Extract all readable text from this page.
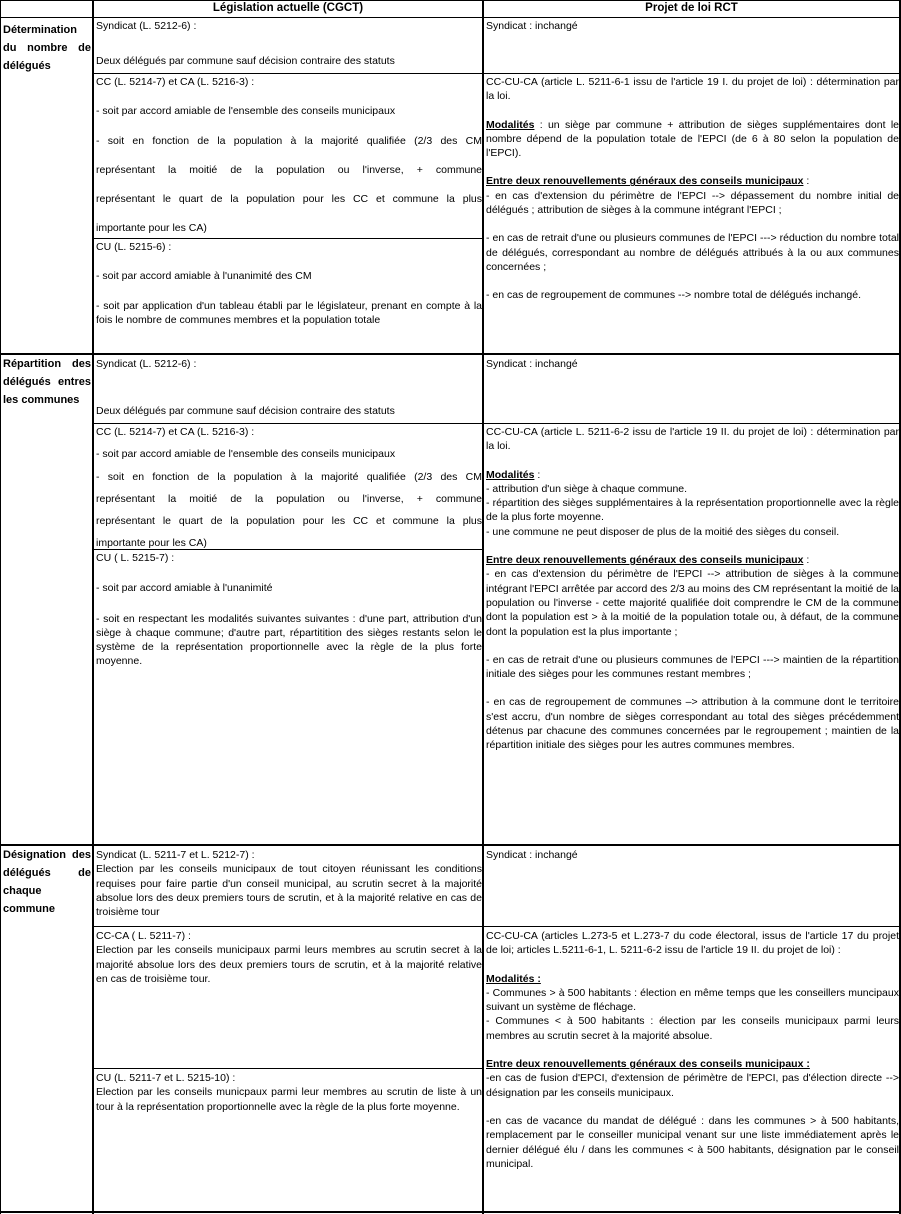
Législation actuelle (CGCT)	Projet de loi RCT
Détermination du nombre de délégués

Syndicat (L. 5212-6) :

Deux délégués par commune sauf décision contraire des statuts

CC (L. 5214-7) et CA (L. 5216-3) :

- soit par accord amiable de l'ensemble des conseils municipaux

- soit en fonction de la population à la majorité qualifiée (2/3 des CM

représentant la moitié de la population ou l'inverse, + commune

représentant le quart de la population pour les CC et commune la plus

importante pour les CA)

CU (L. 5215-6) :

- soit par accord amiable à l'unanimité des CM

- soit par application d'un tableau établi par le législateur, prenant en compte à la fois le nombre de communes membres et la population totale

Syndicat : inchangé

CC-CU-CA (article L. 5211-6-1 issu de l'article 19 I. du projet de loi) : détermination par la loi.

Modalités : un siège par commune + attribution de sièges supplémentaires dont le nombre dépend de la population totale de l'EPCI (de 6 à 80 selon la population de l'EPCI).

Entre deux renouvellements généraux des conseils municipaux :

- en cas d'extension du périmètre de l'EPCI --> dépassement du nombre initial de délégués ; attribution de sièges à la commune intégrant l'EPCI ;

- en cas de retrait d'une ou plusieurs communes de l'EPCI ---> réduction du nombre total de délégués, correspondant au nombre de délégués attribués à la ou aux communes concernées ;

- en cas de regroupement de communes --> nombre total de délégués inchangé.

Répartition des délégués entres les communes

Syndicat (L. 5212-6) :

Deux délégués par commune sauf décision contraire des statuts

CC (L. 5214-7) et CA (L. 5216-3) :

- soit par accord amiable de l'ensemble des conseils municipaux

- soit en fonction de la population à la majorité qualifiée (2/3 des CM

représentant la moitié de la population ou l'inverse, + commune

représentant le quart de la population pour les CC et commune la plus

importante pour les CA)

CU ( L. 5215-7) :

- soit par accord amiable à l'unanimité

- soit en respectant les modalités suivantes suivantes : d'une part, attribution d'un siège à chaque commune; d'autre part, répartitition des sièges restants selon le système de la représentation proportionnelle avec la règle de la plus forte moyenne.

Syndicat : inchangé

CC-CU-CA (article L. 5211-6-2 issu de l'article 19 II. du projet de loi) : détermination par la loi.

Modalités :

- attribution d'un siège à chaque commune.

- répartition des sièges supplémentaires à la représentation proportionnelle avec la règle de la plus forte moyenne.

- une commune ne peut disposer de plus de la moitié des sièges du conseil.

Entre deux renouvellements généraux des conseils municipaux :

- en cas d'extension du périmètre de l'EPCI --> attribution de sièges à la commune intégrant l'EPCI arrêtée par accord des 2/3 au moins des CM représentant la moitié de la population ou l'inverse - cette majorité qualifiée doit comprendre le CM de la commune dont la population est > à la moitié de la population totale ou, à défaut, de la commune dont la population est la plus importante ;

- en cas de retrait d'une ou plusieurs communes de l'EPCI ---> maintien de la répartition initiale des sièges pour les communes restant membres ;

- en cas de regroupement de communes –> attribution à la commune dont le territoire s'est accru, d'un nombre de sièges correspondant au total des sièges précédemment détenus par chacune des communes concernées par le regroupement ; maintien de la répartition initiale des sièges pour les autres communes membres.

Désignation des délégués de chaque commune

Syndicat (L. 5211-7 et L. 5212-7) :

Election par les conseils municipaux de tout citoyen réunissant les conditions requises pour faire partie d'un conseil municipal, au scrutin secret à la majorité absolue lors des deux premiers tours de scrutin, et à la majorité relative en cas de troisième tour

CC-CA ( L. 5211-7) :

Election par les conseils municipaux parmi leurs membres au scrutin secret à la majorité absolue lors des deux premiers tours de scrutin, et à la majorité relative en cas de troisième tour.

CU (L. 5211-7 et L. 5215-10) :

Election par les conseils municpaux parmi leur membres au scrutin de liste à un tour à la représentation proportionnelle avec la règle de la plus forte moyenne.

Syndicat : inchangé

CC-CU-CA (articles L.273-5 et L.273-7 du code électoral, issus de l'article 17 du projet de loi; articles L.5211-6-1, L. 5211-6-2 issu de l'article 19 II. du projet de loi) :

Modalités :

- Communes > à 500 habitants : élection en même temps que les conseillers muncipaux suivant un système de fléchage.

- Communes < à 500 habitants : élection par les conseils municipaux parmi leurs membres au scrutin secret à la majorité absolue.

Entre deux renouvellements généraux des conseils municipaux :

-en cas de fusion d'EPCI, d'extension de périmètre de l'EPCI, pas d'élection directe --> désignation par les conseils municipaux.

-en cas de vacance du mandat de délégué : dans les communes > à 500 habitants, remplacement par le conseiller municipal venant sur une liste immédiatement après le dernier délégué élu / dans les communes < à 500 habitants, désignation par le conseil municipal.
